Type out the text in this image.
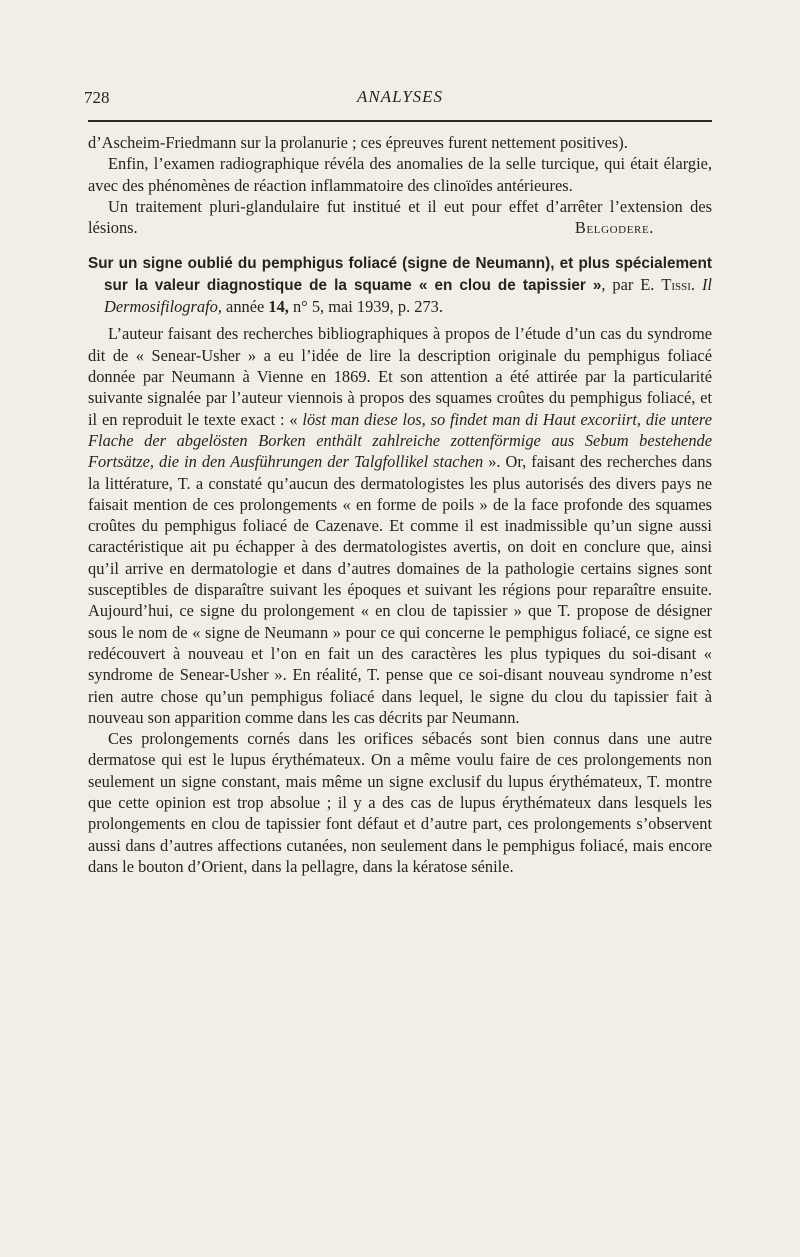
728	ANALYSES

d’Ascheim-Friedmann sur la prolanurie ; ces épreuves furent nettement positives).

Enfin, l’examen radiographique révéla des anomalies de la selle turcique, qui était élargie, avec des phénomènes de réaction inflammatoire des clinoïdes antérieures.

Un traitement pluri-glandulaire fut institué et il eut pour effet d’arrêter l’extension des lésions.	Belgodere.

Sur un signe oublié du pemphigus foliacé (signe de Neumann), et plus spécialement sur la valeur diagnostique de la squame « en clou de tapissier », par E. Tissi. Il Dermosifilografo, année 14, n° 5, mai 1939, p. 273.

L’auteur faisant des recherches bibliographiques à propos de l’étude d’un cas du syndrome dit de « Senear-Usher » a eu l’idée de lire la description originale du pemphigus foliacé donnée par Neumann à Vienne en 1869. Et son attention a été attirée par la particularité suivante signalée par l’auteur viennois à propos des squames croûtes du pemphigus foliacé, et il en reproduit le texte exact : « löst man diese los, so findet man di Haut excoriirt, die untere Flache der abgelösten Borken enthält zahlreiche zottenförmige aus Sebum bestehende Fortsätze, die in den Ausführungen der Talgfollikel stachen ». Or, faisant des recherches dans la littérature, T. a constaté qu’aucun des dermatologistes les plus autorisés des divers pays ne faisait mention de ces prolongements « en forme de poils » de la face profonde des squames croûtes du pemphigus foliacé de Cazenave. Et comme il est inadmissible qu’un signe aussi caractéristique ait pu échapper à des dermatologistes avertis, on doit en conclure que, ainsi qu’il arrive en dermatologie et dans d’autres domaines de la pathologie certains signes sont susceptibles de disparaître suivant les époques et suivant les régions pour reparaître ensuite. Aujourd’hui, ce signe du prolongement « en clou de tapissier » que T. propose de désigner sous le nom de « signe de Neumann » pour ce qui concerne le pemphigus foliacé, ce signe est redécouvert à nouveau et l’on en fait un des caractères les plus typiques du soi-disant « syndrome de Senear-Usher ». En réalité, T. pense que ce soi-disant nouveau syndrome n’est rien autre chose qu’un pemphigus foliacé dans lequel, le signe du clou du tapissier fait à nouveau son apparition comme dans les cas décrits par Neumann.

Ces prolongements cornés dans les orifices sébacés sont bien connus dans une autre dermatose qui est le lupus érythémateux. On a même voulu faire de ces prolongements non seulement un signe constant, mais même un signe exclusif du lupus érythémateux, T. montre que cette opinion est trop absolue ; il y a des cas de lupus érythémateux dans lesquels les prolongements en clou de tapissier font défaut et d’autre part, ces prolongements s’observent aussi dans d’autres affections cutanées, non seulement dans le pemphigus foliacé, mais encore dans le bouton d’Orient, dans la pellagre, dans la kératose sénile.
